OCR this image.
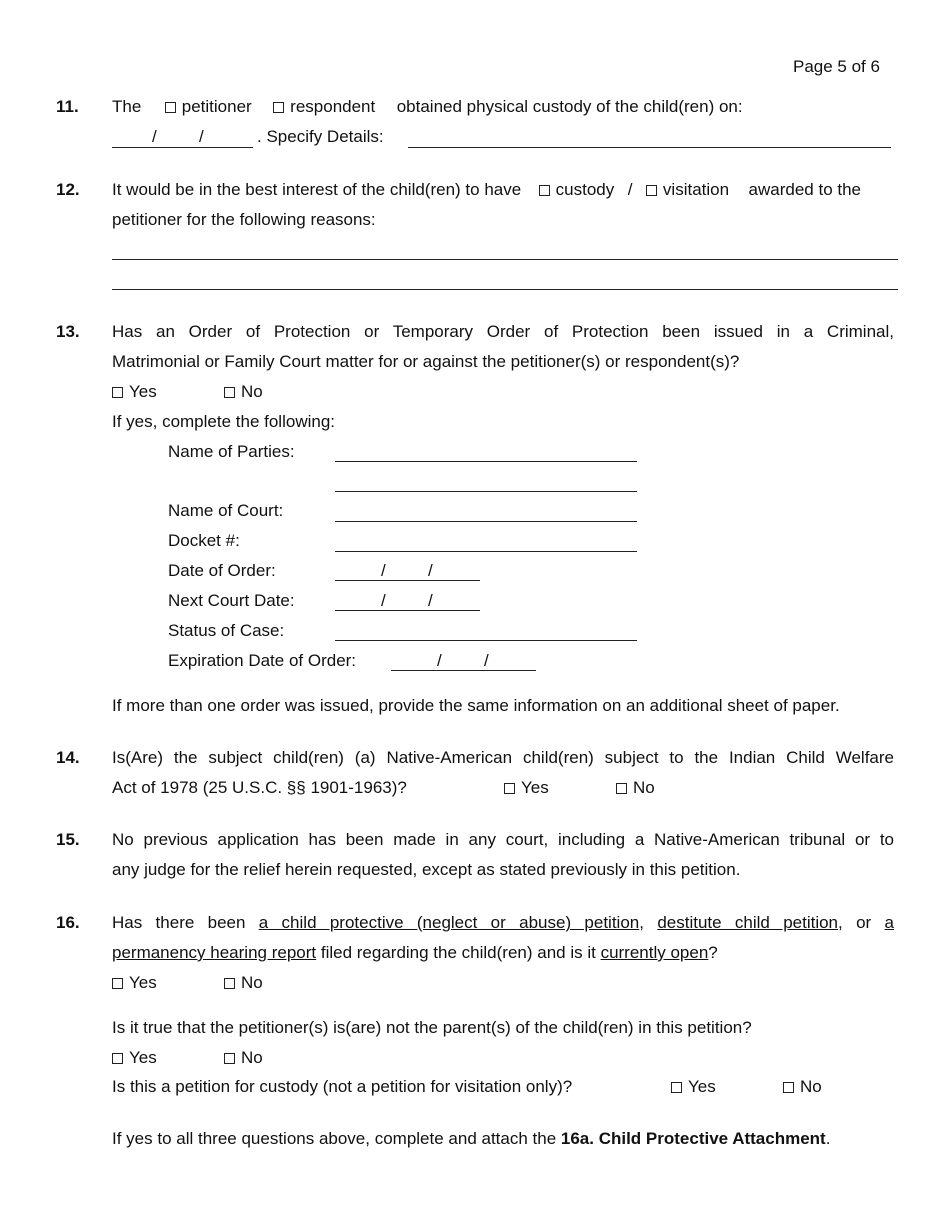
Page 5 of 6
11. The petitioner respondent obtained physical custody of the child(ren) on:
/ /	. Specify Details:
12. It would be in the best interest of the child(ren) to have custody / visitation awarded to the
petitioner for the following reasons:
13. Has an Order of Protection or Temporary Order of Protection been issued in a Criminal,
Matrimonial or Family Court matter for or against the petitioner(s) or respondent(s)?
Yes	No
If yes, complete the following:
Name of Parties:
Name of Court:
Docket #:
Date of Order:	/ /
Next Court Date:	/ /
Status of Case:
Expiration Date of Order:	/ /
If more than one order was issued, provide the same information on an additional sheet of paper.
14. Is(Are) the subject child(ren) (a) Native-American child(ren) subject to the Indian Child Welfare
Act of 1978 (25 U.S.C. §§ 1901-1963)?	Yes	No
15. No previous application has been made in any court, including a Native-American tribunal or to
any judge for the relief herein requested, except as stated previously in this petition.
16. Has there been a child protective (neglect or abuse) petition, destitute child petition, or a
permanency hearing report filed regarding the child(ren) and is it currently open?
Yes	No
Is it true that the petitioner(s) is(are) not the parent(s) of the child(ren) in this petition?
Yes	No
Is this a petition for custody (not a petition for visitation only)?	Yes	No
If yes to all three questions above, complete and attach the 16a. Child Protective Attachment.
